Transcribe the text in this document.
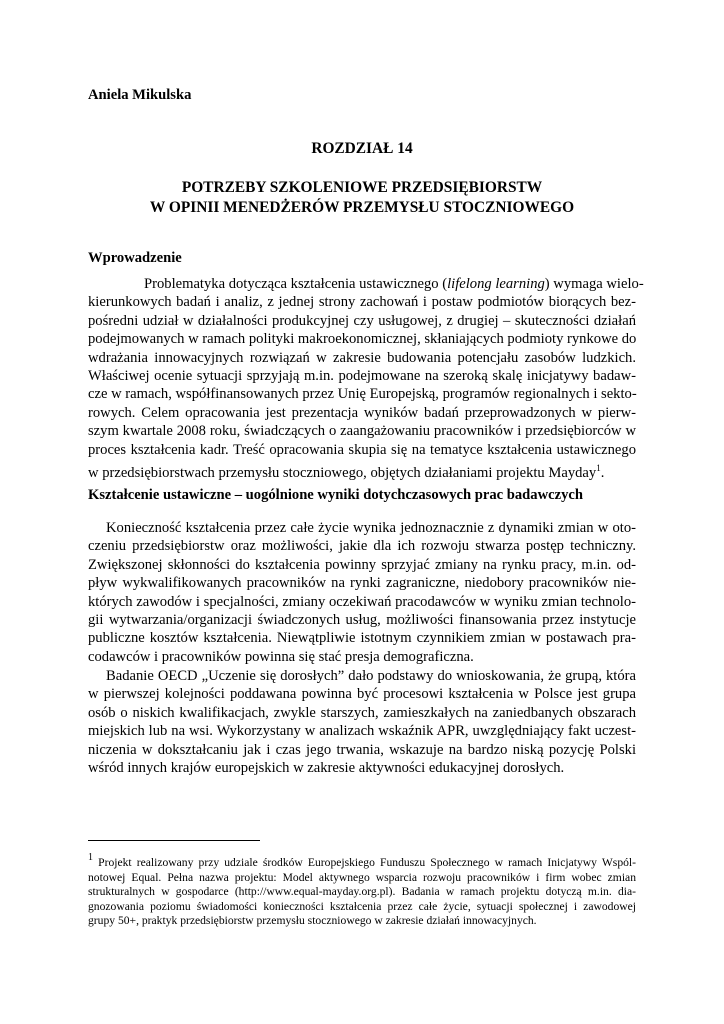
Aniela Mikulska

ROZDZIAŁ 14
POTRZEBY SZKOLENIOWE PRZEDSIĘBIORSTW
W OPINII MENEDŻERÓW PRZEMYSŁU STOCZNIOWEGO
Wprowadzenie
Problematyka dotycząca kształcenia ustawicznego (lifelong learning) wymaga wielo-
kierunkowych badań i analiz, z jednej strony zachowań i postaw podmiotów biorących bez-
pośredni udział w działalności produkcyjnej czy usługowej, z drugiej – skuteczności działań
podejmowanych w ramach polityki makroekonomicznej, skłaniających podmioty rynkowe do
wdrażania innowacyjnych rozwiązań w zakresie budowania potencjału zasobów ludzkich.
Właściwej ocenie sytuacji sprzyjają m.in. podejmowane na szeroką skalę inicjatywy badaw-
cze w ramach, współfinansowanych przez Unię Europejską, programów regionalnych i sekto-
rowych. Celem opracowania jest prezentacja wyników badań przeprowadzonych w pierw-
szym kwartale 2008 roku, świadczących o zaangażowaniu pracowników i przedsiębiorców w
proces kształcenia kadr. Treść opracowania skupia się na tematyce kształcenia ustawicznego
w przedsiębiorstwach przemysłu stoczniowego, objętych działaniami projektu Mayday$^1$.
Kształcenie ustawiczne – uogólnione wyniki dotychczasowych prac badawczych
Konieczność kształcenia przez całe życie wynika jednoznacznie z dynamiki zmian w oto-
czeniu przedsiębiorstw oraz możliwości, jakie dla ich rozwoju stwarza postęp techniczny.
Zwiększonej skłonności do kształcenia powinny sprzyjać zmiany na rynku pracy, m.in. od-
pływ wykwalifikowanych pracowników na rynki zagraniczne, niedobory pracowników nie-
których zawodów i specjalności, zmiany oczekiwań pracodawców w wyniku zmian technolo-
gii wytwarzania/organizacji świadczonych usług, możliwości finansowania przez instytucje
publiczne kosztów kształcenia. Niewątpliwie istotnym czynnikiem zmian w postawach pra-
codawców i pracowników powinna się stać presja demograficzna.
Badanie OECD „Uczenie się dorosłych” dało podstawy do wnioskowania, że grupą, która
w pierwszej kolejności poddawana powinna być procesowi kształcenia w Polsce jest grupa
osób o niskich kwalifikacjach, zwykle starszych, zamieszkałych na zaniedbanych obszarach
miejskich lub na wsi. Wykorzystany w analizach wskaźnik APR, uwzględniający fakt uczest-
niczenia w dokształcaniu jak i czas jego trwania, wskazuje na bardzo niską pozycję Polski
wśród innych krajów europejskich w zakresie aktywności edukacyjnej dorosłych.
$^1$ Projekt realizowany przy udziale środków Europejskiego Funduszu Społecznego w ramach Inicjatywy Wspól-
notowej Equal. Pełna nazwa projektu: Model aktywnego wsparcia rozwoju pracowników i firm wobec zmian
strukturalnych w gospodarce (http://www.equal-mayday.org.pl). Badania w ramach projektu dotyczą m.in. dia-
gnozowania poziomu świadomości konieczności kształcenia przez całe życie, sytuacji społecznej i zawodowej
grupy 50+, praktyk przedsiębiorstw przemysłu stoczniowego w zakresie działań innowacyjnych.
